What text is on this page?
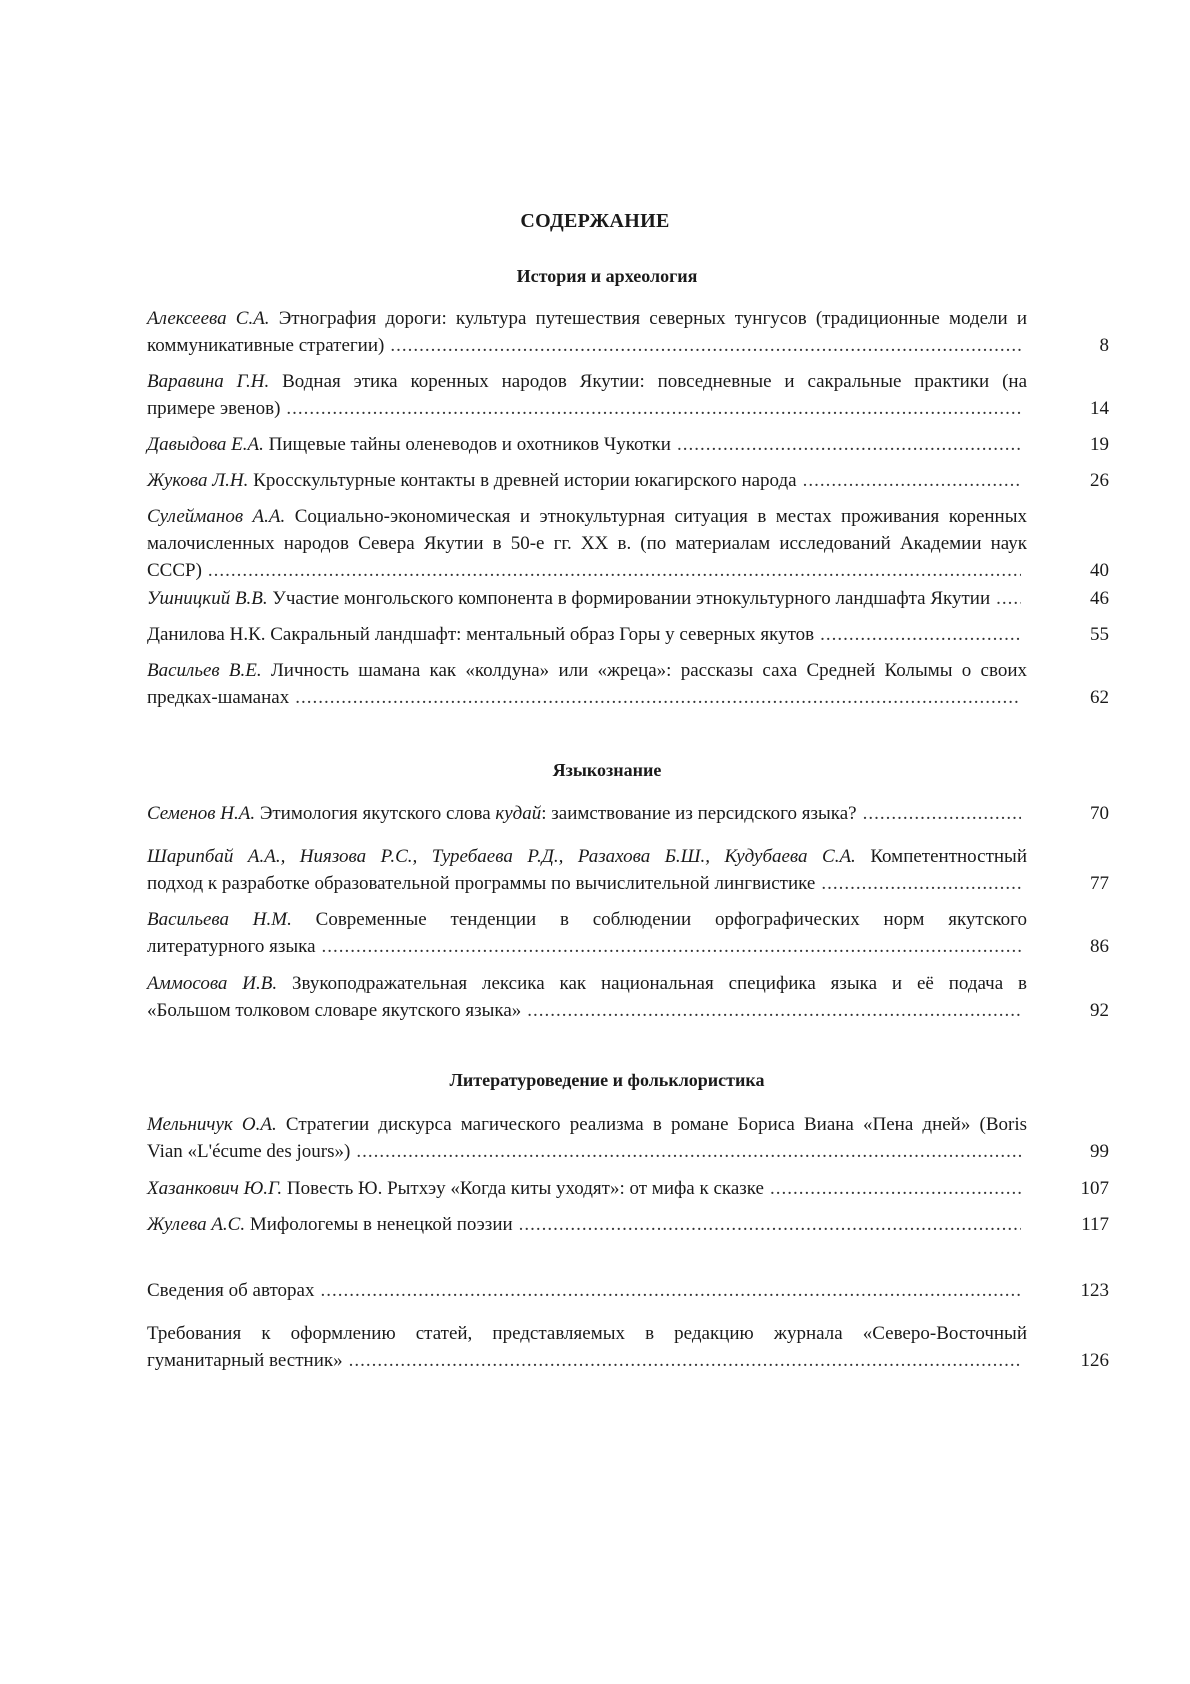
СОДЕРЖАНИЕ
История и археология
Алексеева С.А. Этнография дороги: культура путешествия северных тунгусов (традиционные модели и
коммуникативные стратегии) .....	8
Варавина Г.Н. Водная этика коренных народов Якутии: повседневные и сакральные практики (на
примере эвенов) .....	14
Давыдова Е.А. Пищевые тайны оленеводов и охотников Чукотки .....	19
Жукова Л.Н. Кросскультурные контакты в древней истории юкагирского народа .....	26
Сулейманов А.А. Социально-экономическая и этнокультурная ситуация в местах проживания коренных малочисленных народов Севера Якутии в 50-е гг. XX в. (по материалам исследований Академии наук
СССР) .....	40
Ушницкий В.В. Участие монгольского компонента в формировании этнокультурного ландшафта Якутии .....	46
Данилова Н.К. Сакральный ландшафт: ментальный образ Горы у северных якутов .....	55
Васильев В.Е. Личность шамана как «колдуна» или «жреца»: рассказы саха Средней Колымы о своих
предках-шаманах .....	62
Языкознание
Семенов Н.А. Этимология якутского слова кудай: заимствование из персидского языка? .....	70
Шарипбай А.А., Ниязова Р.С., Туребаева Р.Д., Разахова Б.Ш., Кудубаева С.А. Компетентностный
подход к разработке образовательной программы по вычислительной лингвистике .....	77
Васильева Н.М. Современные тенденции в соблюдении орфографических норм якутского
литературного языка .....	86
Аммосова И.В. Звукоподражательная лексика как национальная специфика языка и её подача в
«Большом толковом словаре якутского языка» .....	92
Литературоведение и фольклористика
Мельничук О.А. Стратегии дискурса магического реализма в романе Бориса Виана «Пена дней» (Boris
Vian «L'écume des jours») .....	99
Хазанкович Ю.Г. Повесть Ю. Рытхэу «Когда киты уходят»: от мифа к сказке .....	107
Жулева А.С. Мифологемы в ненецкой поэзии .....	117
Сведения об авторах .....	123
Требования к оформлению статей, представляемых в редакцию журнала «Северо-Восточный
гуманитарный вестник» .....	126
